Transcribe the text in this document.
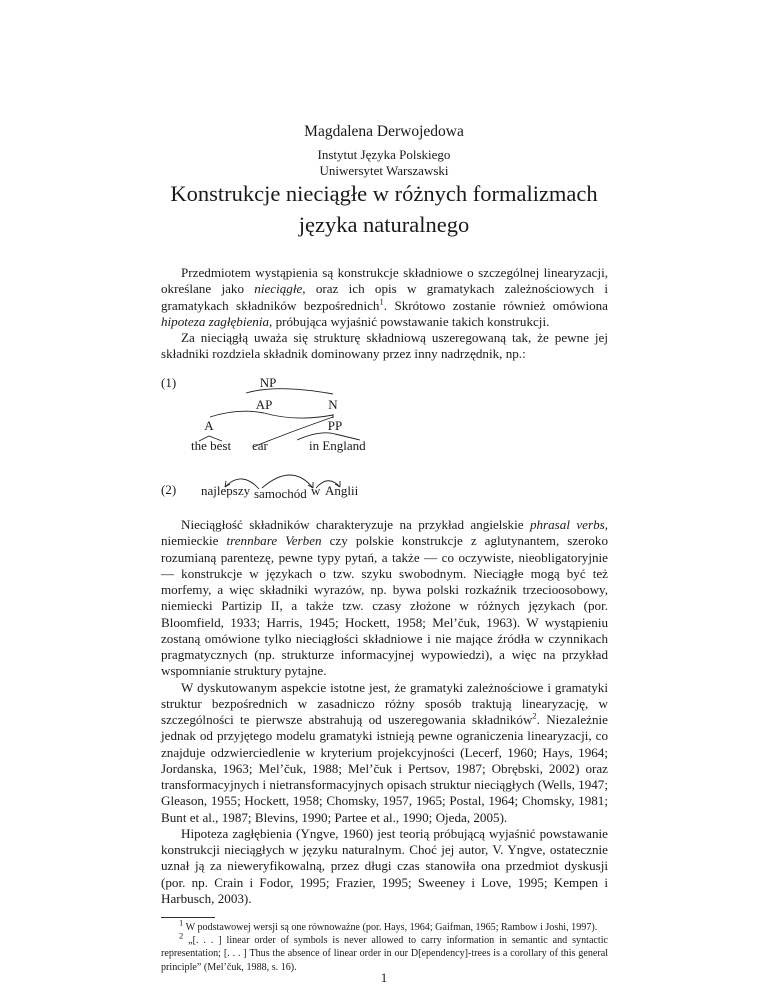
Magdalena Derwojedowa
Instytut Języka Polskiego
Uniwersytet Warszawski
Konstrukcje nieciągłe w różnych formalizmach
języka naturalnego

Przedmiotem wystąpienia są konstrukcje składniowe o szczególnej linearyzacji, określane jako nieciągłe, oraz ich opis w gramatykach zależnościowych i gramatykach składników bezpośrednich$^1$. Skrótowo zostanie również omówiona hipoteza zagłębienia, próbująca wyjaśnić powstawanie takich konstrukcji.

Za nieciągłą uważa się strukturę składniową uszeregowaną tak, że pewne jej składniki rozdziela składnik dominowany przez inny nadrzędnik, np.:

(1)	NP
AP	N
A	PP
the best car	in England
(2) najlepszy samochód w Anglii

Nieciągłość składników charakteryzuje na przykład angielskie phrasal verbs, niemieckie trennbare Verben czy polskie konstrukcje z aglutynantem, szeroko rozumianą parentezę, pewne typy pytań, a także — co oczywiste, nieobligatoryjnie — konstrukcje w językach o tzw. szyku swobodnym. Nieciągłe mogą być też morfemy, a więc składniki wyrazów, np. bywa polski rozkaźnik trzecioosobowy, niemiecki Partizip II, a także tzw. czasy złożone w różnych językach (por. Bloomfield, 1933; Harris, 1945; Hockett, 1958; Mel’čuk, 1963). W wystąpieniu zostaną omówione tylko nieciągłości składniowe i nie mające źródła w czynnikach pragmatycznych (np. strukturze informacyjnej wypowiedzi), a więc na przykład wspomnianie struktury pytajne.

W dyskutowanym aspekcie istotne jest, że gramatyki zależnościowe i gramatyki struktur bezpośrednich w zasadniczo różny sposób traktują linearyzację, w szczególności te pierwsze abstrahują od uszeregowania składników$^2$. Niezależnie jednak od przyjętego modelu gramatyki istnieją pewne ograniczenia linearyzacji, co znajduje odzwierciedlenie w kryterium projekcyjności (Lecerf, 1960; Hays, 1964; Jordanska, 1963; Mel’čuk, 1988; Mel’čuk i Pertsov, 1987; Obrębski, 2002) oraz transformacyjnych i nietransformacyjnych opisach struktur nieciągłych (Wells, 1947; Gleason, 1955; Hockett, 1958; Chomsky, 1957, 1965; Postal, 1964; Chomsky, 1981; Bunt et al., 1987; Blevins, 1990; Partee et al., 1990; Ojeda, 2005).

Hipoteza zagłębienia (Yngve, 1960) jest teorią próbującą wyjaśnić powstawanie konstrukcji nieciągłych w języku naturalnym. Choć jej autor, V. Yngve, ostatecznie uznał ją za nieweryfikowalną, przez długi czas stanowiła ona przedmiot dyskusji (por. np. Crain i Fodor, 1995; Frazier, 1995; Sweeney i Love, 1995; Kempen i Harbusch, 2003).

$^1$ W podstawowej wersji są one równoważne (por. Hays, 1964; Gaifman, 1965; Rambow i Joshi, 1997).

$^2$ „[. . . ] linear order of symbols is never allowed to carry information in semantic and syntactic representation; [. . . ] Thus the absence of linear order in our D[ependency]-trees is a corollary of this general principle” (Mel’čuk, 1988, s. 16).

1
